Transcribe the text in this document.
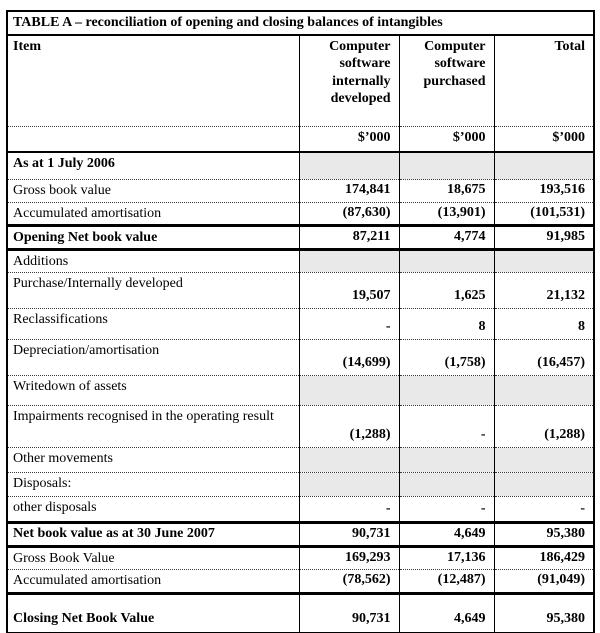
TABLE A – reconciliation of opening and closing balances of intangibles			
Item	Computer software internally developed	Computer software purchased	Total
	$’000	$’000	$’000
As at 1 July 2006			
Gross book value	174,841	18,675	193,516
Accumulated amortisation	(87,630)	(13,901)	(101,531)
Opening Net book value	87,211	4,774	91,985
Additions			
Purchase/Internally developed	19,507	1,625	21,132
Reclassifications	-	8	8
Depreciation/amortisation	(14,699)	(1,758)	(16,457)
Writedown of assets			
Impairments recognised in the operating result	(1,288)	-	(1,288)
Other movements			
Disposals:			
other disposals	-	-	-
Net book value as at 30 June 2007	90,731	4,649	95,380
Gross Book Value	169,293	17,136	186,429
Accumulated amortisation	(78,562)	(12,487)	(91,049)
Closing Net Book Value	90,731	4,649	95,380
